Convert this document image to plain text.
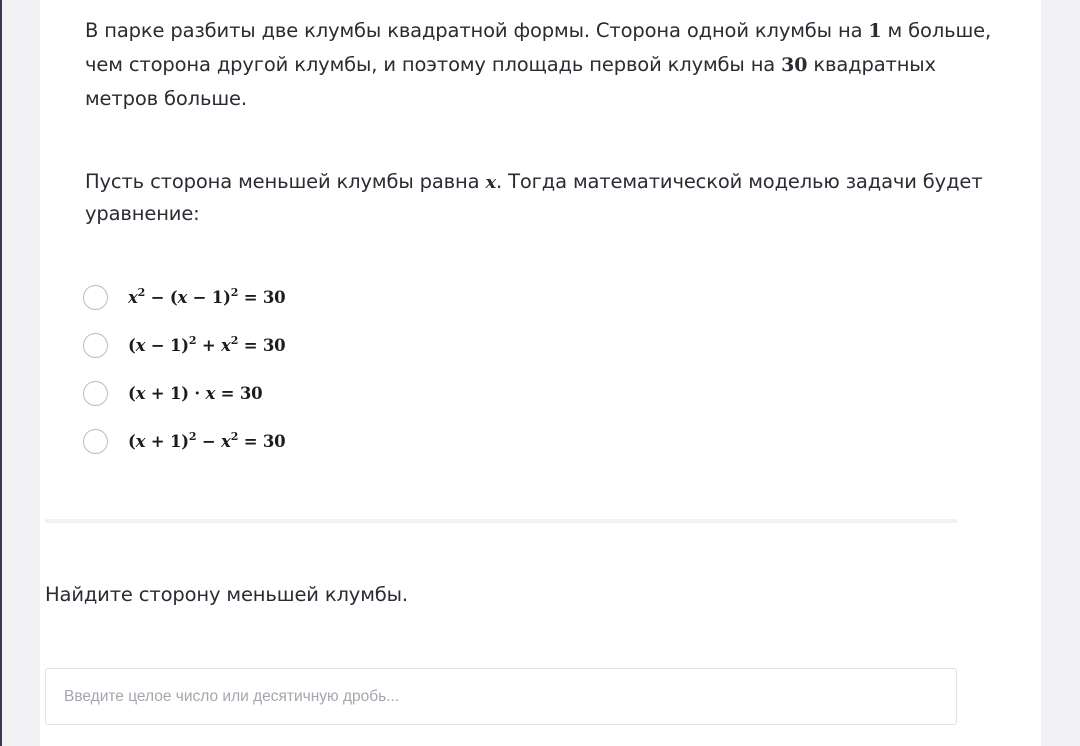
В парке разбиты две клумбы квадратной формы. Сторона одной клумбы на 1 м больше, чем сторона другой клумбы, и поэтому площадь первой клумбы на 30 квадратных метров больше.

Пусть сторона меньшей клумбы равна x. Тогда математической моделью задачи будет уравнение:

$x^2 - (x - 1)^2 = 30$
$(x - 1)^2 + x^2 = 30$
(x + 1) · x = 30
$(x + 1)^2 - x^2 = 30$

Найдите сторону меньшей клумбы.

Введите целое число или десятичную дробь...
